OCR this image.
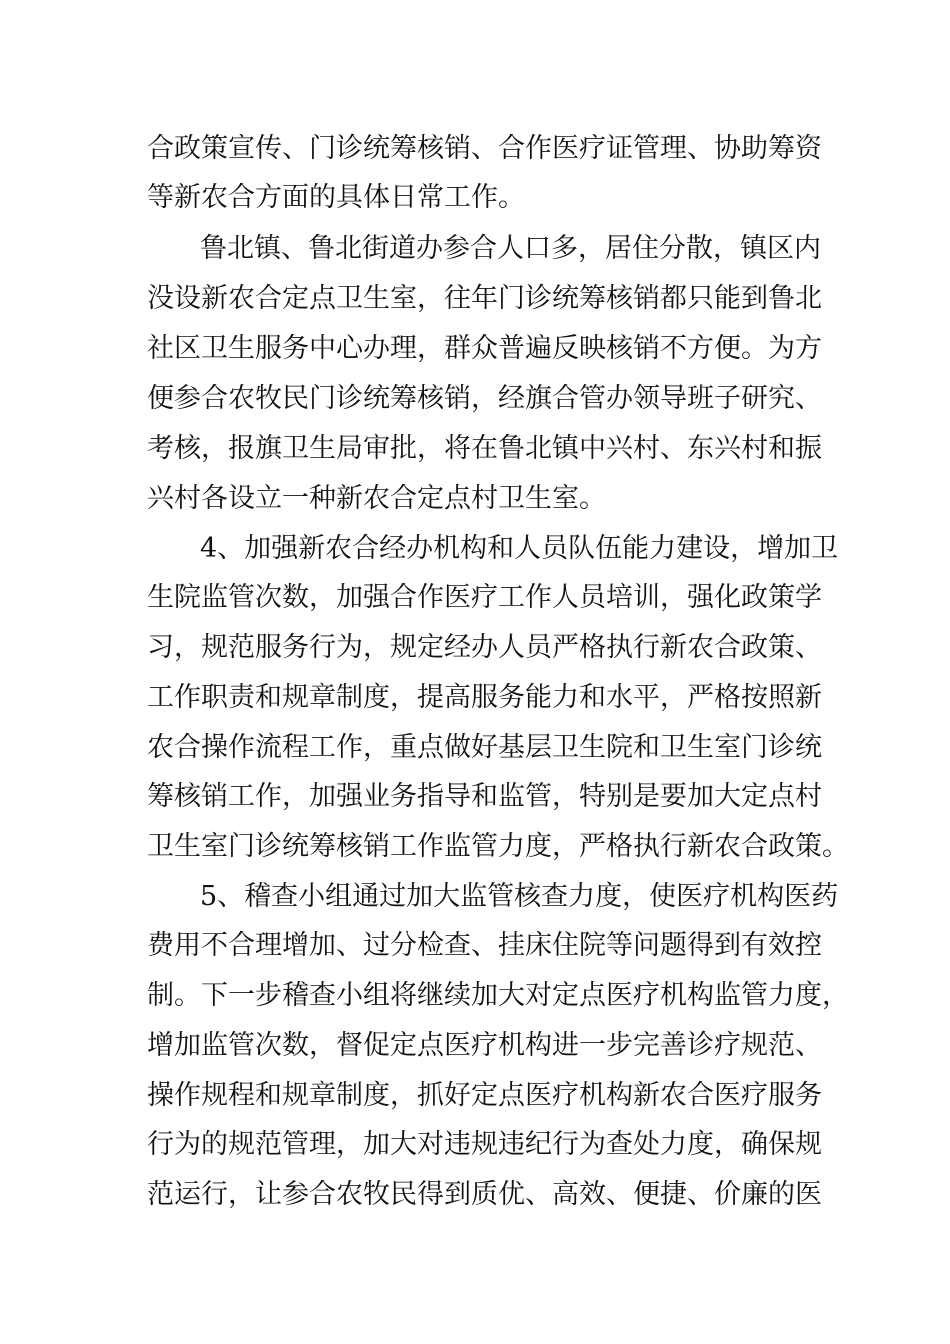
合政策宣传、门诊统筹核销、合作医疗证管理、协助筹资
等新农合方面的具体日常工作。
鲁北镇、鲁北街道办参合人口多，居住分散，镇区内
没设新农合定点卫生室，往年门诊统筹核销都只能到鲁北
社区卫生服务中心办理，群众普遍反映核销不方便。为方
便参合农牧民门诊统筹核销，经旗合管办领导班子研究、
考核，报旗卫生局审批，将在鲁北镇中兴村、东兴村和振
兴村各设立一种新农合定点村卫生室。
4、加强新农合经办机构和人员队伍能力建设，增加卫
生院监管次数，加强合作医疗工作人员培训，强化政策学
习，规范服务行为，规定经办人员严格执行新农合政策、
工作职责和规章制度，提高服务能力和水平，严格按照新
农合操作流程工作，重点做好基层卫生院和卫生室门诊统
筹核销工作，加强业务指导和监管，特别是要加大定点村
卫生室门诊统筹核销工作监管力度，严格执行新农合政策。
5、稽查小组通过加大监管核查力度，使医疗机构医药
费用不合理增加、过分检查、挂床住院等问题得到有效控
制。下一步稽查小组将继续加大对定点医疗机构监管力度，
增加监管次数，督促定点医疗机构进一步完善诊疗规范、
操作规程和规章制度，抓好定点医疗机构新农合医疗服务
行为的规范管理，加大对违规违纪行为查处力度，确保规
范运行，让参合农牧民得到质优、高效、便捷、价廉的医
